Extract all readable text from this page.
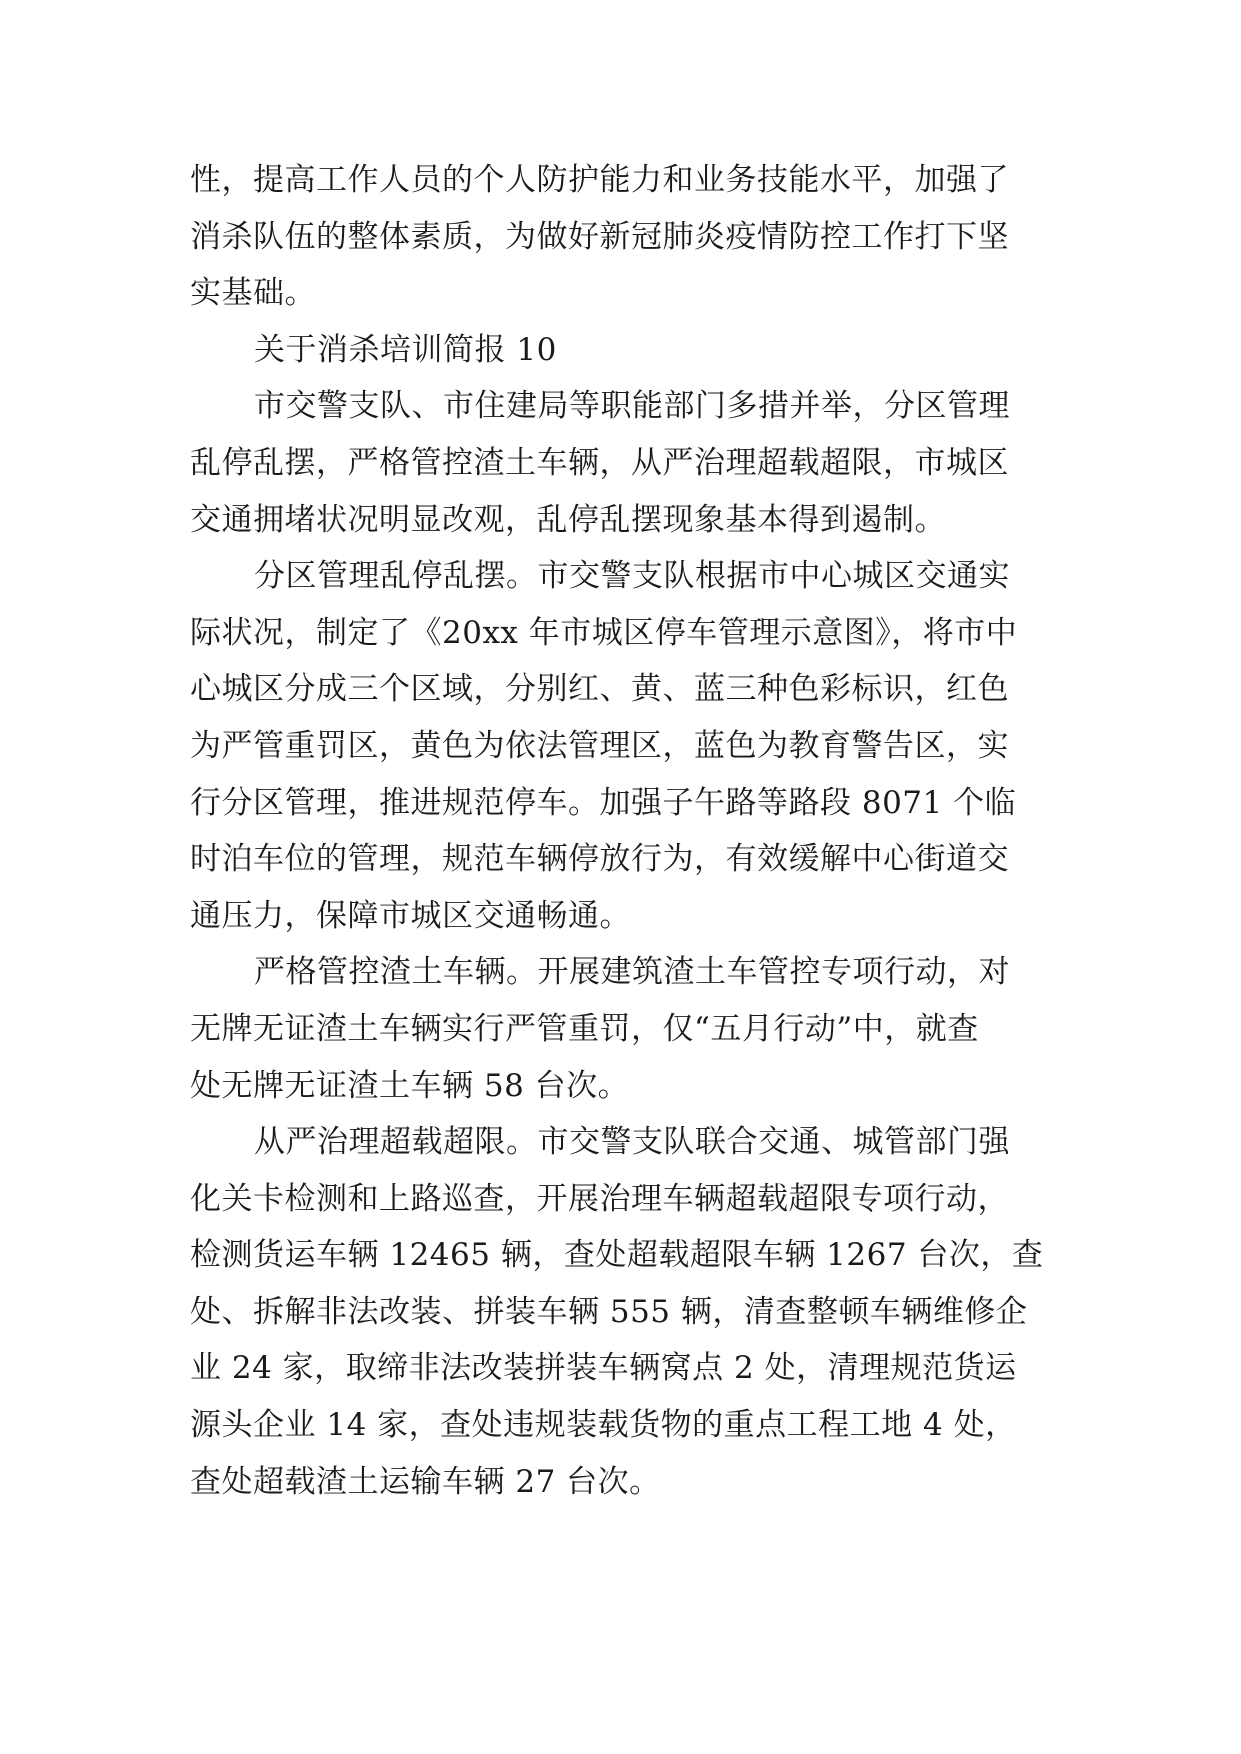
性，提高工作人员的个人防护能力和业务技能水平，加强了
消杀队伍的整体素质，为做好新冠肺炎疫情防控工作打下坚
实基础。
关于消杀培训简报 10
市交警支队、市住建局等职能部门多措并举，分区管理
乱停乱摆，严格管控渣土车辆，从严治理超载超限，市城区
交通拥堵状况明显改观，乱停乱摆现象基本得到遏制。
分区管理乱停乱摆。市交警支队根据市中心城区交通实
际状况，制定了《20xx 年市城区停车管理示意图》，将市中
心城区分成三个区域，分别红、黄、蓝三种色彩标识，红色
为严管重罚区，黄色为依法管理区，蓝色为教育警告区，实
行分区管理，推进规范停车。加强子午路等路段 8071 个临
时泊车位的管理，规范车辆停放行为，有效缓解中心街道交
通压力，保障市城区交通畅通。
严格管控渣土车辆。开展建筑渣土车管控专项行动，对
无牌无证渣土车辆实行严管重罚，仅“五月行动”中，就查
处无牌无证渣土车辆 58 台次。
从严治理超载超限。市交警支队联合交通、城管部门强
化关卡检测和上路巡查，开展治理车辆超载超限专项行动，
检测货运车辆 12465 辆，查处超载超限车辆 1267 台次，查
处、拆解非法改装、拼装车辆 555 辆，清查整顿车辆维修企
业 24 家，取缔非法改装拼装车辆窝点 2 处，清理规范货运
源头企业 14 家，查处违规装载货物的重点工程工地 4 处，
查处超载渣土运输车辆 27 台次。
